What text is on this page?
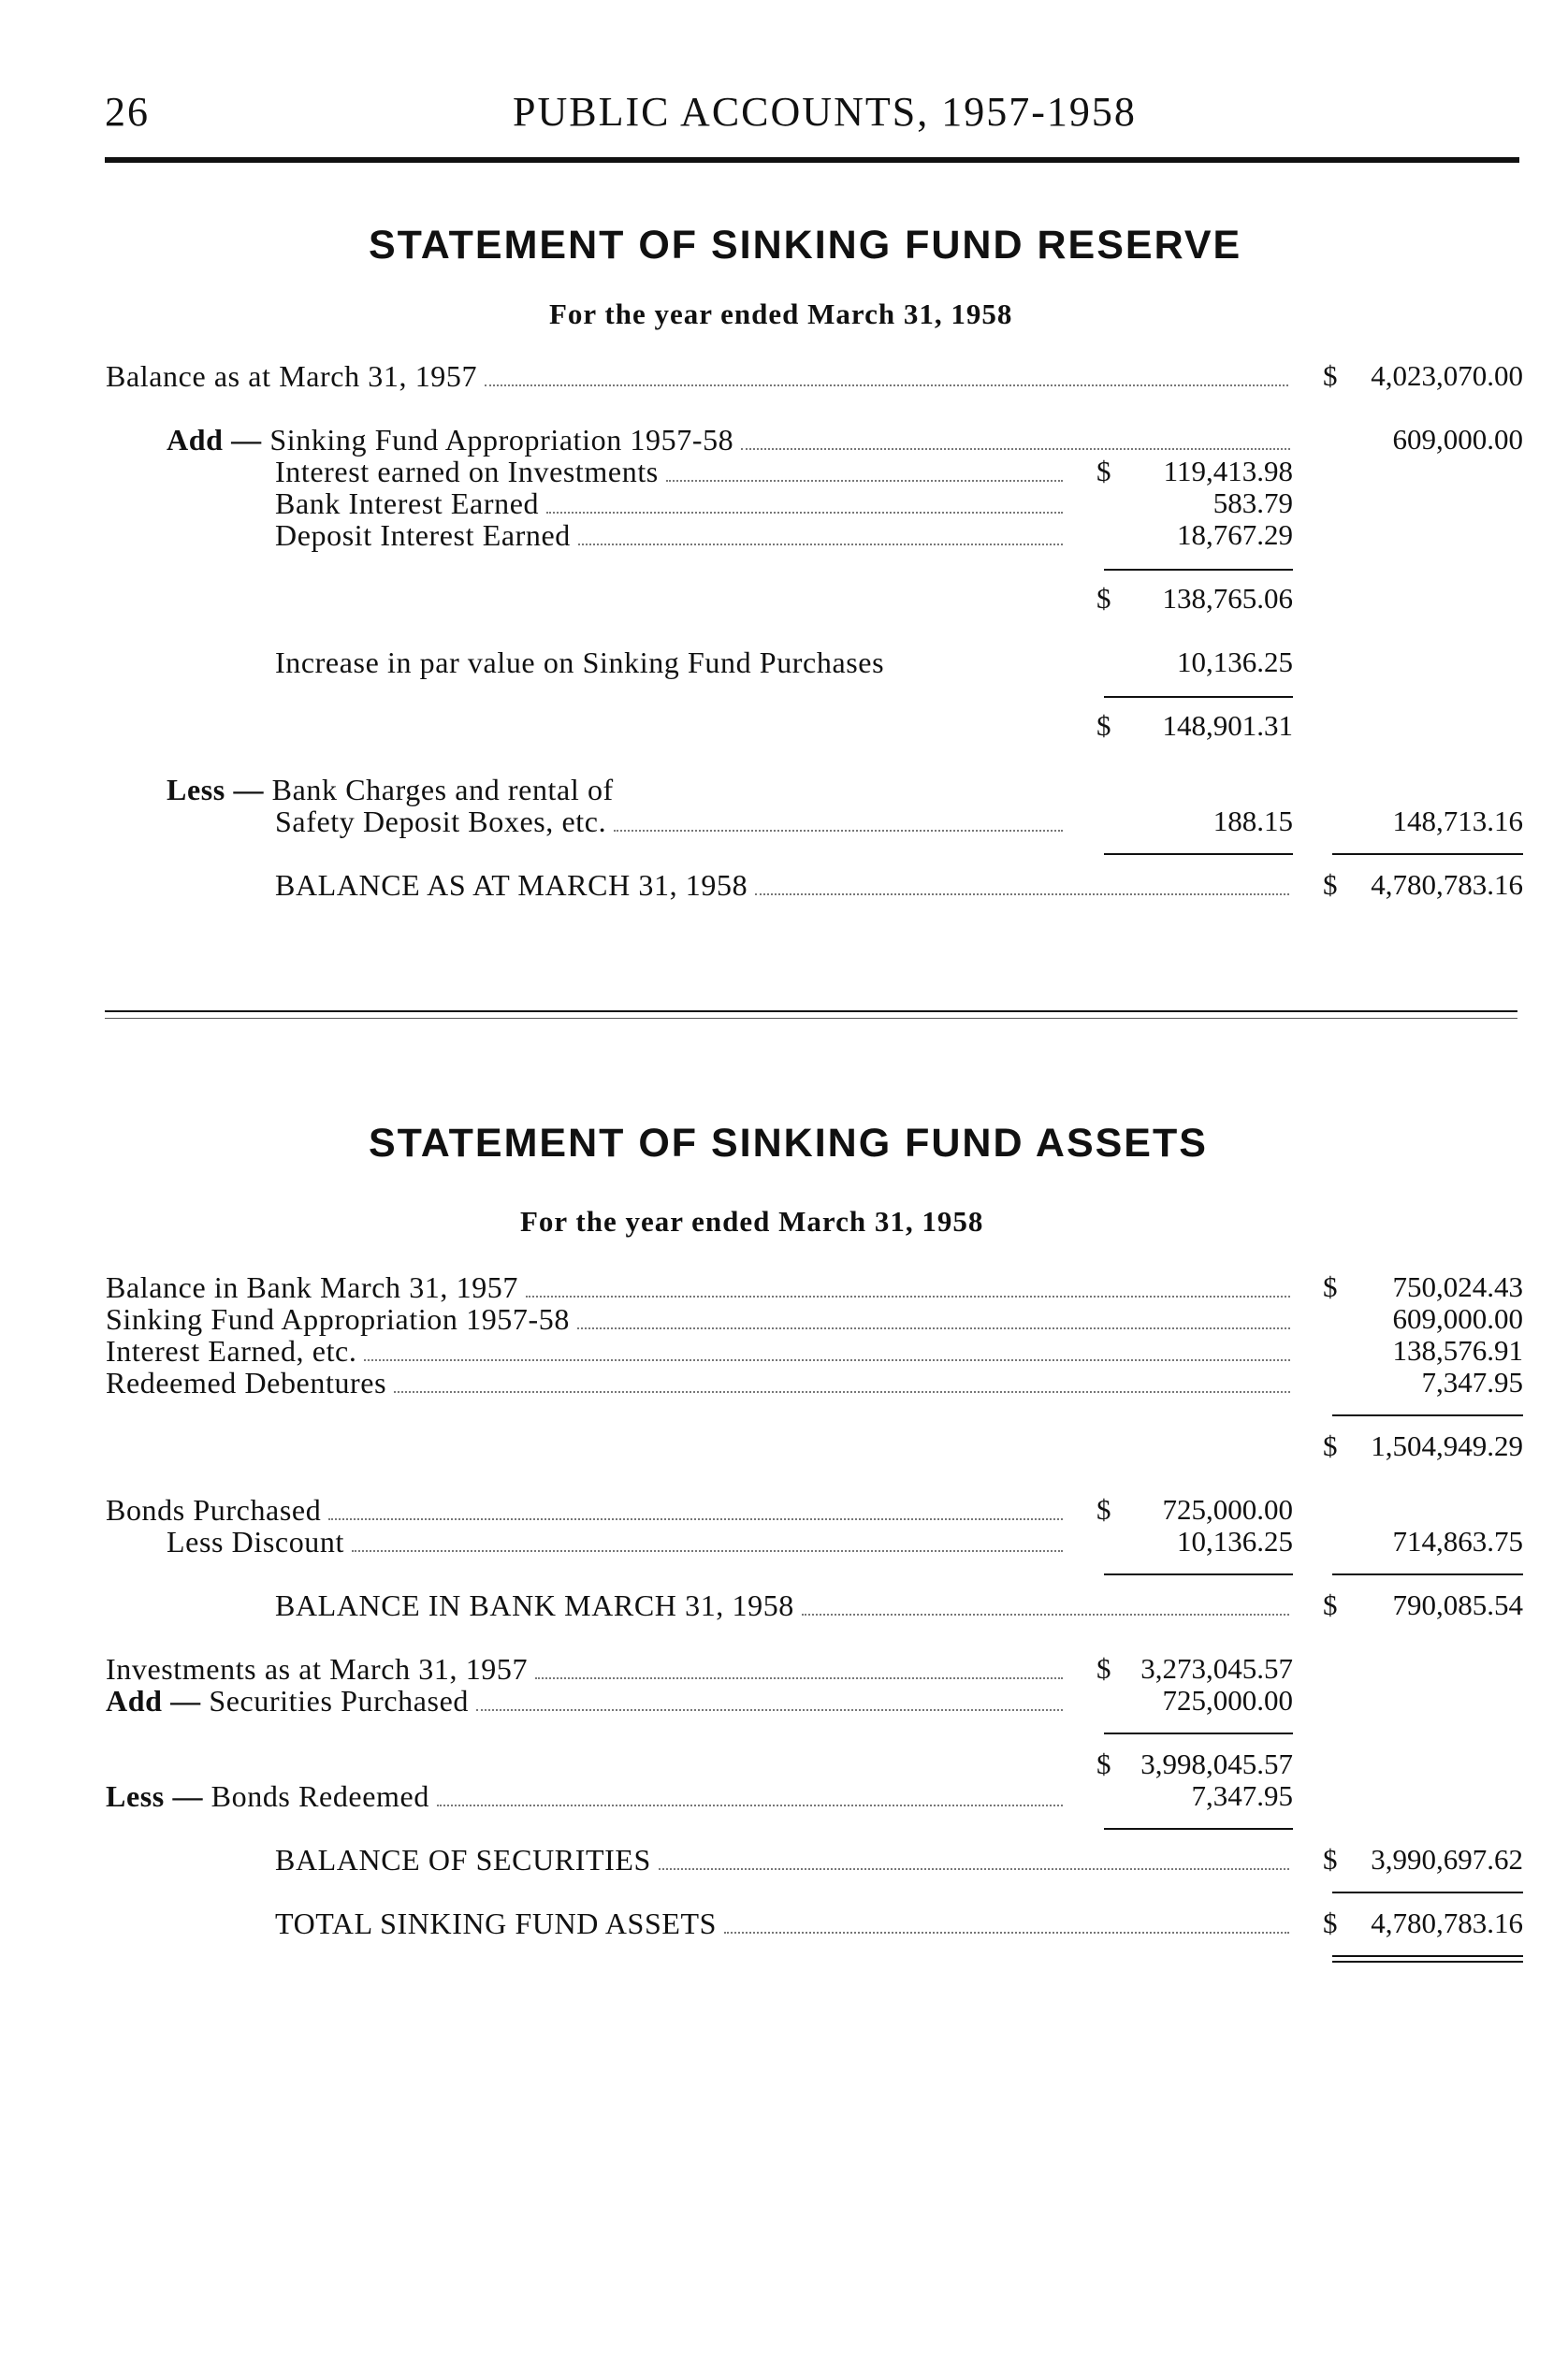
26	PUBLIC ACCOUNTS, 1957-1958
STATEMENT OF SINKING FUND RESERVE
For the year ended March 31, 1958
Balance as at March 31, 1957	$ 4,023,070.00
Add —
Sinking Fund Appropriation 1957-58	609,000.00
Interest earned on Investments	$ 119,413.98
Bank Interest Earned	583.79
Deposit Interest Earned	18,767.29
$ 138,765.06
Increase in par value on Sinking Fund Purchases	10,136.25
$ 148,901.31
Less —
Bank Charges and rental of
Safety Deposit Boxes, etc.	188.15	148,713.16
BALANCE AS AT MARCH 31, 1958	$ 4,780,783.16
STATEMENT OF SINKING FUND ASSETS
For the year ended March 31, 1958
Balance in Bank March 31, 1957	$ 750,024.43
Sinking Fund Appropriation 1957-58	609,000.00
Interest Earned, etc.	138,576.91
Redeemed Debentures	7,347.95
$ 1,504,949.29
Bonds Purchased	$ 725,000.00
Less Discount	10,136.25	714,863.75
BALANCE IN BANK MARCH 31, 1958	$ 790,085.54
Investments as at March 31, 1957	$ 3,273,045.57
Add —
Securities Purchased	725,000.00
$ 3,998,045.57
Less —
Bonds Redeemed	7,347.95
BALANCE OF SECURITIES	$ 3,990,697.62
TOTAL SINKING FUND ASSETS	$ 4,780,783.16
